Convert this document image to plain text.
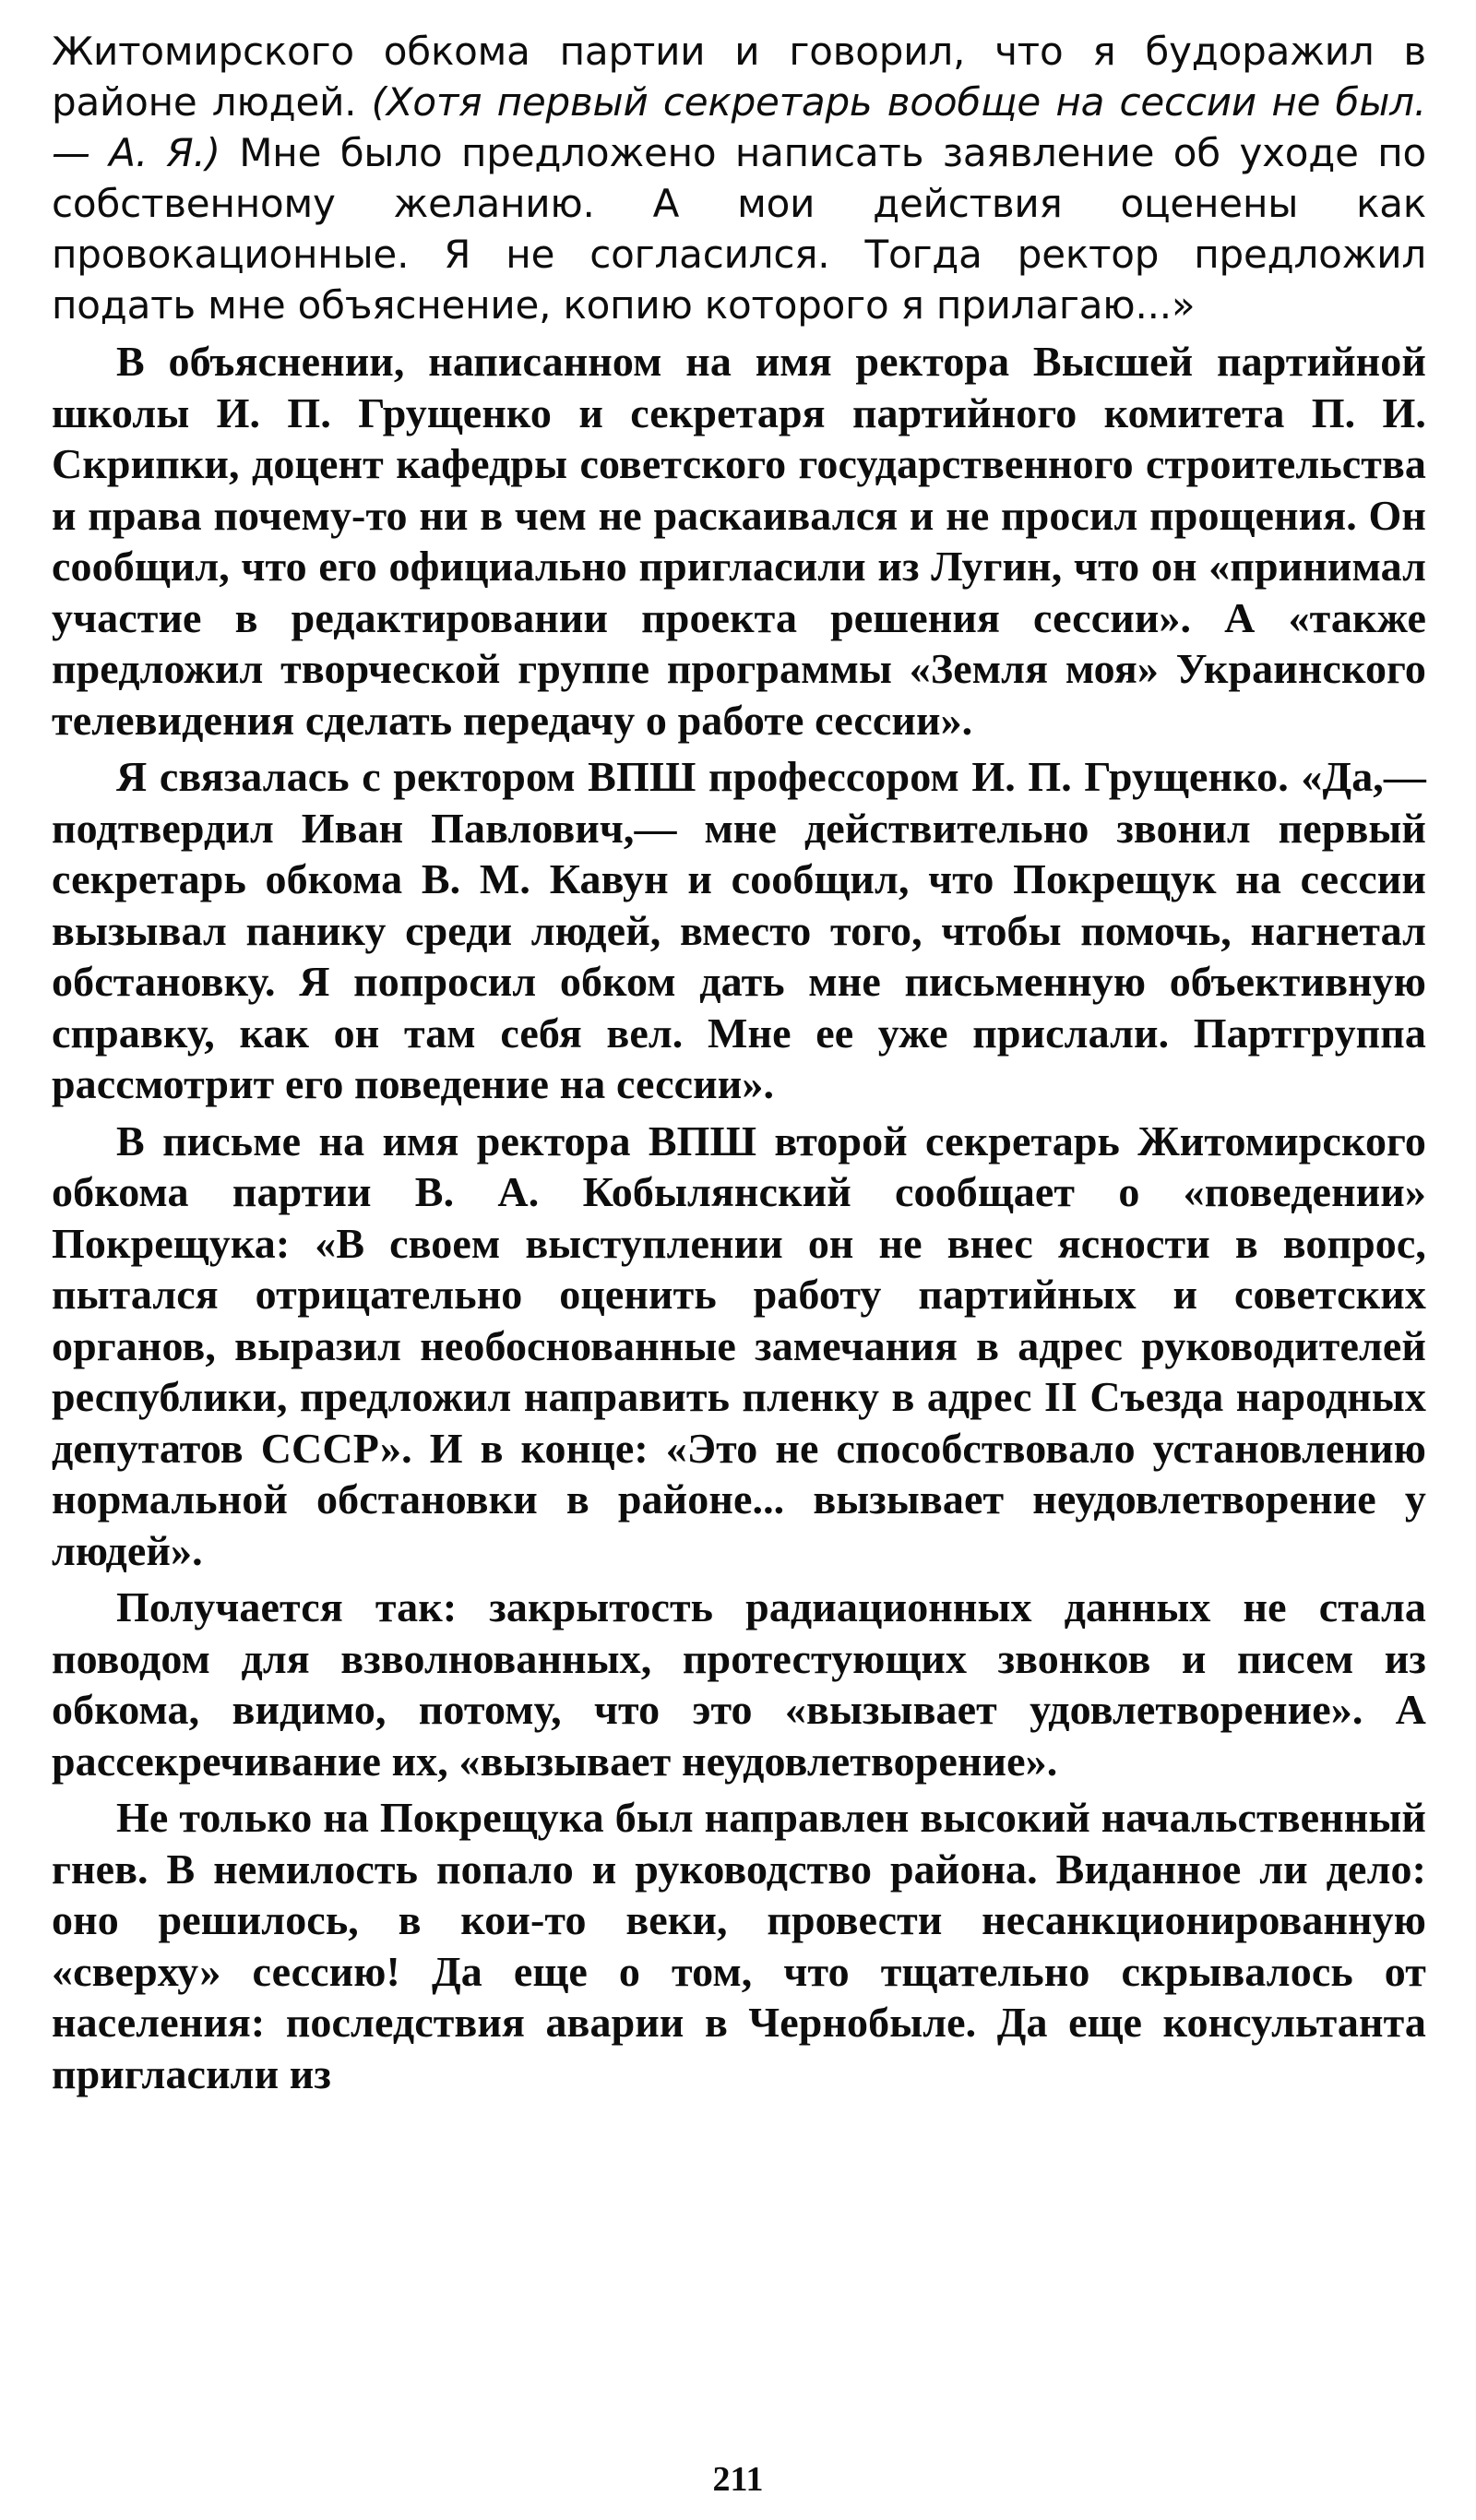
Житомирского обкома партии и говорил, что я будоражил в районе людей. (Хотя первый секретарь вообще на сессии не был.— А. Я.) Мне было предложено написать заявление об уходе по собственному желанию. А мои действия оценены как провокационные. Я не согласился. Тогда ректор предложил подать мне объяснение, копию которого я прилагаю...»

В объяснении, написанном на имя ректора Высшей партийной школы И. П. Грущенко и секретаря партийного комитета П. И. Скрипки, доцент кафедры советского государственного строительства и права почему-то ни в чем не раскаивался и не просил прощения. Он сообщил, что его официально пригласили из Лугин, что он «принимал участие в редактировании проекта решения сессии». А «также предложил творческой группе программы «Земля моя» Украинского телевидения сделать передачу о работе сессии».

Я связалась с ректором ВПШ профессором И. П. Грущенко. «Да,— подтвердил Иван Павлович,— мне действительно звонил первый секретарь обкома В. М. Кавун и сообщил, что Покрещук на сессии вызывал панику среди людей, вместо того, чтобы помочь, нагнетал обстановку. Я попросил обком дать мне письменную объективную справку, как он там себя вел. Мне ее уже прислали. Партгруппа рассмотрит его поведение на сессии».

В письме на имя ректора ВПШ второй секретарь Житомирского обкома партии В. А. Кобылянский сообщает о «поведении» Покрещука: «В своем выступлении он не внес ясности в вопрос, пытался отрицательно оценить работу партийных и советских органов, выразил необоснованные замечания в адрес руководителей республики, предложил направить пленку в адрес II Съезда народных депутатов СССР». И в конце: «Это не способствовало установлению нормальной обстановки в районе... вызывает неудовлетворение у людей».

Получается так: закрытость радиационных данных не стала поводом для взволнованных, протестующих звонков и писем из обкома, видимо, потому, что это «вызывает удовлетворение». А рассекречивание их, «вызывает неудовлетворение».

Не только на Покрещука был направлен высокий начальственный гнев. В немилость попало и руководство района. Виданное ли дело: оно решилось, в кои-то веки, провести несанкционированную «сверху» сессию! Да еще о том, что тщательно скрывалось от населения: последствия аварии в Чернобыле. Да еще консультанта пригласили из

211
